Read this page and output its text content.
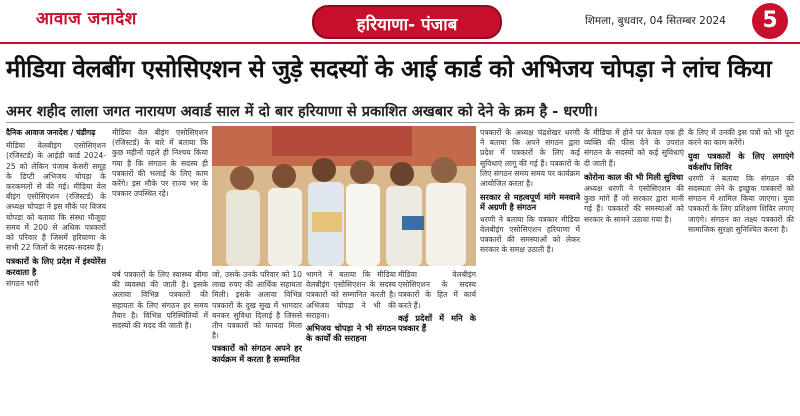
आवाज जनादेश	हरियाणा- पंजाब	शिमला, बुधवार, 04 सितम्बर 2024	5
मीडिया वेलबींग एसोसिएशन से जुड़े सदस्यों के आई कार्ड को अभिजय चोपड़ा ने लांच किया
अमर शहीद लाला जगत नारायण अवार्ड साल में दो बार हरियाणा से प्रकाशित अखबार को देने के क्रम है - धरणी।

दैनिक आवाज जनादेश / चंडीगढ़

मीडिया वेलबीइंग एसोसिएशन (रजिस्टर्ड) के आईडी कार्ड 2024- 25 को लेकिन पंजाब केसरी समूह के डिप्टी अभिजय चोपड़ा के करकमलों से की गई। मीडिया वेल बीइंग एसोसिएशन (रजिस्टर्ड) के अध्यक्ष चोपड़ा ने इस मौके पर विजय चोपड़ा को बताया कि संस्था मौजूदा समय में 200 से अधिक पत्रकारों को परिवार है जिसमें हरियाणा के सभी 22 जिलों के सदस्य-सदस्य हैं।

पत्रकारों के लिए प्रदेश में इंश्योरेंस करवाता है

संगठन भारी

मीडिया वेल बीइंग एसोसिएशन (रजिस्टर्ड) के बारे में बताया कि कुछ महीनों पहले ही निश्चय किया गया है कि संगठन के सदस्य ही पत्रकारों की भलाई के लिए काम करेंगे। इस मौके पर राज्य भर के पत्रकार उपस्थित रहे।

वर्ष पत्रकारों के लिए स्वास्थ्य बीमा की व्यवस्था की जाती है। इसके अलावा विभिन्न पत्रकारों की सहायता के लिए संगठन हर समय तैयार है। विभिन्न परिस्थितियों में सदस्यों की मदद की जाती है।

जो, उसके उनके परिवार को 10 लाख रुपए की आर्थिक सहायता मिली। इसके अलावा विभिन्न पत्रकारों के दुख सुख में भागदार बनकर सुविधा दिलाई है जिससे तीन पत्रकारों को फायदा मिला है।

पत्रकारों को संगठन अपने हर कार्यक्रम में करता है सम्मानित

भागने ने बताया कि मीडिया वेलबीइंग एसोसिएशन के सदस्य पत्रकारों को सम्मानित करती है। अभिजय चोपड़ा ने भी की सराहना।

अभिजय चोपड़ा ने भी संगठन के कार्यों की सराहना

मीडिया वेलबीइंग एसोसिएशन के सदस्य पत्रकारों के हित में कार्य करते हैं।

कई प्रदेशों में मनि के पत्रकार हैं

पत्रकारों के अध्यक्ष चंद्रशेखर धरणी ने बताया कि अपने संगठन द्वारा प्रदेश में पत्रकारों के लिए कई सुविधाएं लागू की गई हैं। पत्रकारों के लिए संगठन समय समय पर कार्यक्रम आयोजित करता है।

सरकार से महत्वपूर्ण मांगे मनवाने में अग्रणी है संगठन

धरणी ने बताया कि पत्रकार मीडिया वेलबीइंग एसोसिएशन हरियाणा में पत्रकारों की समस्याओं को लेकर सरकार के समक्ष उठाती है।

के मीडिया में होने पर केवल एक ही व्यक्ति की फीस देने के उपरांत संगठन के सदस्यों को कई सुविधाएं दी जाती हैं।

कोरोना काल की भी मिली सुविधा

अध्यक्ष धरणी ने एसोसिएशन की कुछ मांगे हैं जो सरकार द्वारा मानी गई हैं। पत्रकारों की समस्याओं को सरकार के सामने उठाया गया है।

के लिए में उनकी इस पत्रों को भी पूरा करने का काम करेंगे।

युवा पत्रकारों के लिए लगाएंगे वर्कशॉप शिविर

धरणी ने बताया कि संगठन की सदस्यता लेने के इच्छुक पत्रकारों को संगठन में शामिल किया जाएगा। युवा पत्रकारों के लिए प्रशिक्षण शिविर लगाए जाएंगे। संगठन का लक्ष्य पत्रकारों की सामाजिक सुरक्षा सुनिश्चित करना है।
